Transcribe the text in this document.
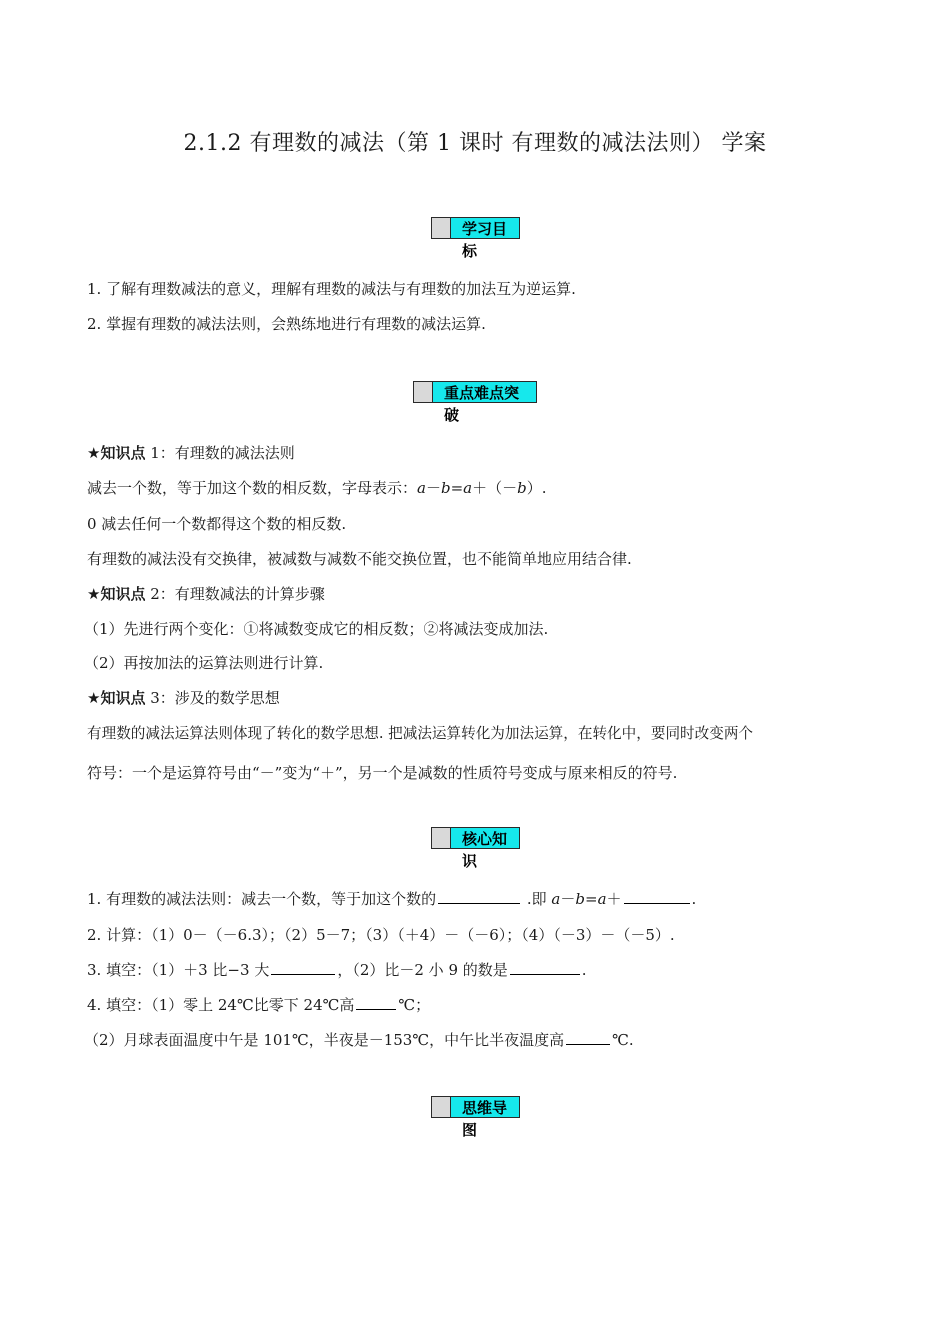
2.1.2 有理数的减法（第 1 课时 有理数的减法法则） 学案
学习目标
1. 了解有理数减法的意义，理解有理数的减法与有理数的加法互为逆运算.
2. 掌握有理数的减法法则，会熟练地进行有理数的减法运算.
重点难点突破
★知识点 1：有理数的减法法则
减去一个数，等于加这个数的相反数，字母表示：a－b=a＋（－b）.
0 减去任何一个数都得这个数的相反数.
有理数的减法没有交换律，被减数与减数不能交换位置，也不能简单地应用结合律.
★知识点 2：有理数减法的计算步骤
（1）先进行两个变化：①将减数变成它的相反数；②将减法变成加法.
（2）再按加法的运算法则进行计算.
★知识点 3：涉及的数学思想
有理数的减法运算法则体现了转化的数学思想. 把减法运算转化为加法运算，在转化中，要同时改变两个
符号：一个是运算符号由“－”变为“＋”，另一个是减数的性质符号变成与原来相反的符号.
核心知识
1. 有理数的减法法则：减去一个数，等于加这个数的	.即 a－b=a＋	.
2. 计算：（1）0－（－6.3）；（2）5－7；（3）（＋4）－（－6）；（4）（－3）－（－5）.
3. 填空：（1）＋3 比−3 大	，（2）比－2 小 9 的数是	.
4. 填空：（1）零上 24℃比零下 24℃高	℃；
（2）月球表面温度中午是 101℃，半夜是－153℃，中午比半夜温度高	℃.
思维导图
